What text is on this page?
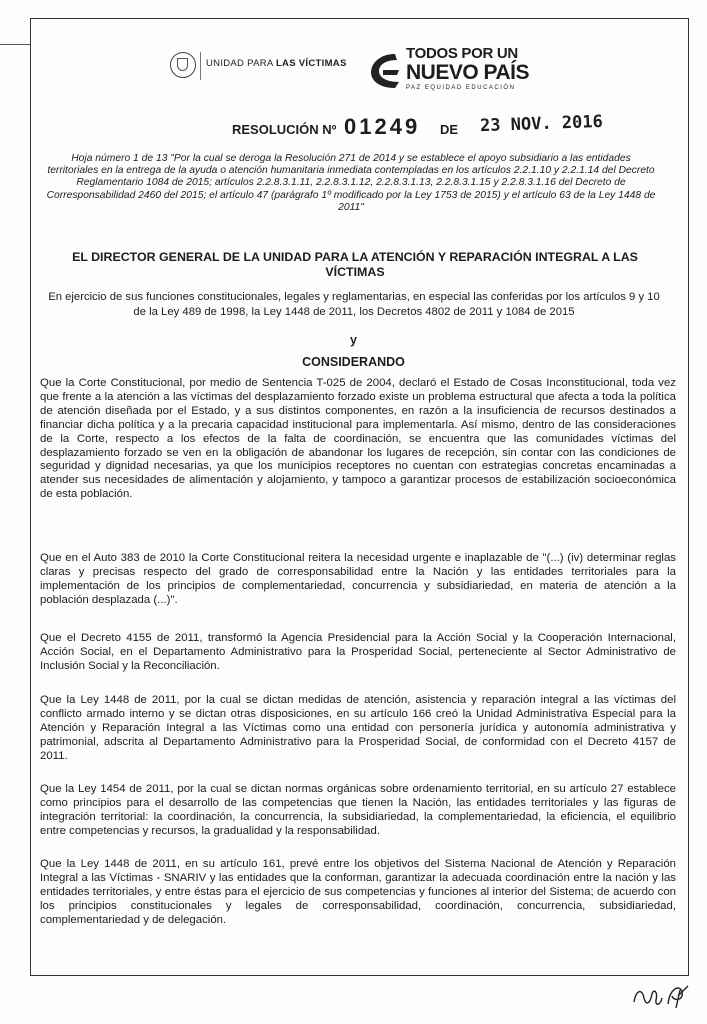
UNIDAD PARA LAS VÍCTIMAS
TODOS POR UN
NUEVO PAÍS
PAZ EQUIDAD EDUCACIÓN
RESOLUCIÓN Nº 01249 DE 23 NOV. 2016
Hoja número 1 de 13 "Por la cual se deroga la Resolución 271 de 2014 y se establece el apoyo subsidiario a las entidades territoriales en la entrega de la ayuda o atención humanitaria inmediata contempladas en los artículos 2.2.1.10 y 2.2.1.14 del Decreto Reglamentario 1084 de 2015; artículos 2.2.8.3.1.11, 2.2.8.3.1.12, 2.2.8.3.1.13, 2.2.8.3.1.15 y 2.2.8.3.1.16 del Decreto de Corresponsabilidad 2460 del 2015; el artículo 47 (parágrafo 1º modificado por la Ley 1753 de 2015) y el artículo 63 de la Ley 1448 de 2011"
EL DIRECTOR GENERAL DE LA UNIDAD PARA LA ATENCIÓN Y REPARACIÓN INTEGRAL A LAS VÍCTIMAS
En ejercicio de sus funciones constitucionales, legales y reglamentarias, en especial las conferidas por los artículos 9 y 10 de la Ley 489 de 1998, la Ley 1448 de 2011, los Decretos 4802 de 2011 y 1084 de 2015
y
CONSIDERANDO

Que la Corte Constitucional, por medio de Sentencia T-025 de 2004, declaró el Estado de Cosas Inconstitucional, toda vez que frente a la atención a las víctimas del desplazamiento forzado existe un problema estructural que afecta a toda la política de atención diseñada por el Estado, y a sus distintos componentes, en razón a la insuficiencia de recursos destinados a financiar dicha política y a la precaria capacidad institucional para implementarla. Así mismo, dentro de las consideraciones de la Corte, respecto a los efectos de la falta de coordinación, se encuentra que las comunidades víctimas del desplazamiento forzado se ven en la obligación de abandonar los lugares de recepción, sin contar con las condiciones de seguridad y dignidad necesarias, ya que los municipios receptores no cuentan con estrategias concretas encaminadas a atender sus necesidades de alimentación y alojamiento, y tampoco a garantizar procesos de estabilización socioeconómica de esta población.

Que en el Auto 383 de 2010 la Corte Constitucional reitera la necesidad urgente e inaplazable de "(...) (iv) determinar reglas claras y precisas respecto del grado de corresponsabilidad entre la Nación y las entidades territoriales para la implementación de los principios de complementariedad, concurrencia y subsidiariedad, en materia de atención a la población desplazada (...)".

Que el Decreto 4155 de 2011, transformó la Agencia Presidencial para la Acción Social y la Cooperación Internacional, Acción Social, en el Departamento Administrativo para la Prosperidad Social, perteneciente al Sector Administrativo de Inclusión Social y la Reconciliación.

Que la Ley 1448 de 2011, por la cual se dictan medidas de atención, asistencia y reparación integral a las víctimas del conflicto armado interno y se dictan otras disposiciones, en su artículo 166 creó la Unidad Administrativa Especial para la Atención y Reparación Integral a las Víctimas como una entidad con personería jurídica y autonomía administrativa y patrimonial, adscrita al Departamento Administrativo para la Prosperidad Social, de conformidad con el Decreto 4157 de 2011.

Que la Ley 1454 de 2011, por la cual se dictan normas orgánicas sobre ordenamiento territorial, en su artículo 27 establece como principios para el desarrollo de las competencias que tienen la Nación, las entidades territoriales y las figuras de integración territorial: la coordinación, la concurrencia, la subsidiariedad, la complementariedad, la eficiencia, el equilibrio entre competencias y recursos, la gradualidad y la responsabilidad.

Que la Ley 1448 de 2011, en su artículo 161, prevé entre los objetivos del Sistema Nacional de Atención y Reparación Integral a las Víctimas - SNARIV y las entidades que la conforman, garantizar la adecuada coordinación entre la nación y las entidades territoriales, y entre éstas para el ejercicio de sus competencias y funciones al interior del Sistema; de acuerdo con los principios constitucionales y legales de corresponsabilidad, coordinación, concurrencia, subsidiariedad, complementariedad y de delegación.
